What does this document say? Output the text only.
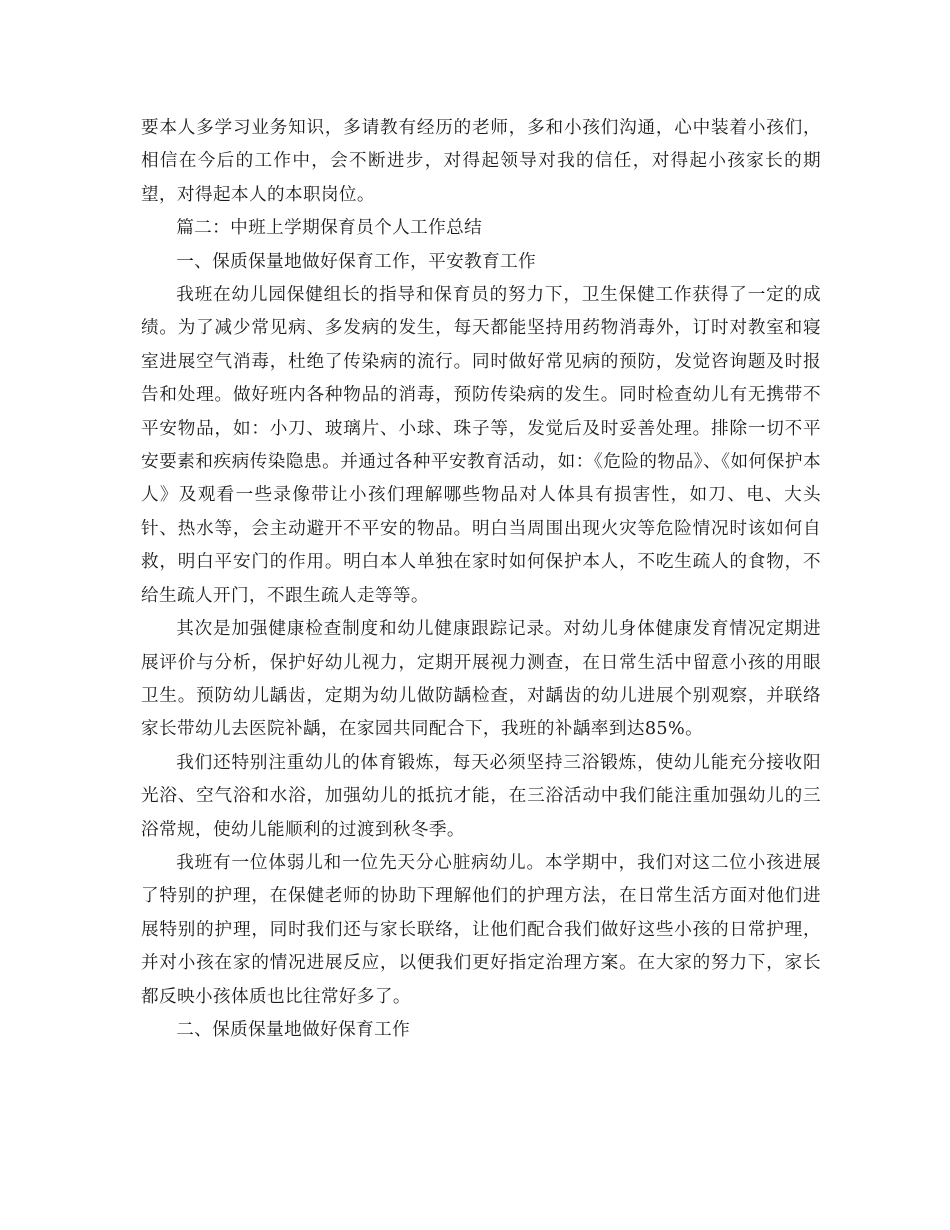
要本人多学习业务知识，多请教有经历的老师，多和小孩们沟通，心中装着小孩们，相信在今后的工作中，会不断进步，对得起领导对我的信任，对得起小孩家长的期望，对得起本人的本职岗位。

篇二：中班上学期保育员个人工作总结

一、保质保量地做好保育工作，平安教育工作

我班在幼儿园保健组长的指导和保育员的努力下，卫生保健工作获得了一定的成绩。为了减少常见病、多发病的发生，每天都能坚持用药物消毒外，订时对教室和寝室进展空气消毒，杜绝了传染病的流行。同时做好常见病的预防，发觉咨询题及时报告和处理。做好班内各种物品的消毒，预防传染病的发生。同时检查幼儿有无携带不平安物品，如：小刀、玻璃片、小球、珠子等，发觉后及时妥善处理。排除一切不平安要素和疾病传染隐患。并通过各种平安教育活动，如：《危险的物品》、《如何保护本人》及观看一些录像带让小孩们理解哪些物品对人体具有损害性，如刀、电、大头针、热水等，会主动避开不平安的物品。明白当周围出现火灾等危险情况时该如何自救，明白平安门的作用。明白本人单独在家时如何保护本人，不吃生疏人的食物，不给生疏人开门，不跟生疏人走等等。

其次是加强健康检查制度和幼儿健康跟踪记录。对幼儿身体健康发育情况定期进展评价与分析，保护好幼儿视力，定期开展视力测查，在日常生活中留意小孩的用眼卫生。预防幼儿龋齿，定期为幼儿做防龋检查，对龋齿的幼儿进展个别观察，并联络家长带幼儿去医院补龋，在家园共同配合下，我班的补龋率到达85%。

我们还特别注重幼儿的体育锻炼，每天必须坚持三浴锻炼，使幼儿能充分接收阳光浴、空气浴和水浴，加强幼儿的抵抗才能，在三浴活动中我们能注重加强幼儿的三浴常规，使幼儿能顺利的过渡到秋冬季。

我班有一位体弱儿和一位先天分心脏病幼儿。本学期中，我们对这二位小孩进展了特别的护理，在保健老师的协助下理解他们的护理方法，在日常生活方面对他们进展特别的护理，同时我们还与家长联络，让他们配合我们做好这些小孩的日常护理，并对小孩在家的情况进展反应，以便我们更好指定治理方案。在大家的努力下，家长都反映小孩体质也比往常好多了。

二、保质保量地做好保育工作
